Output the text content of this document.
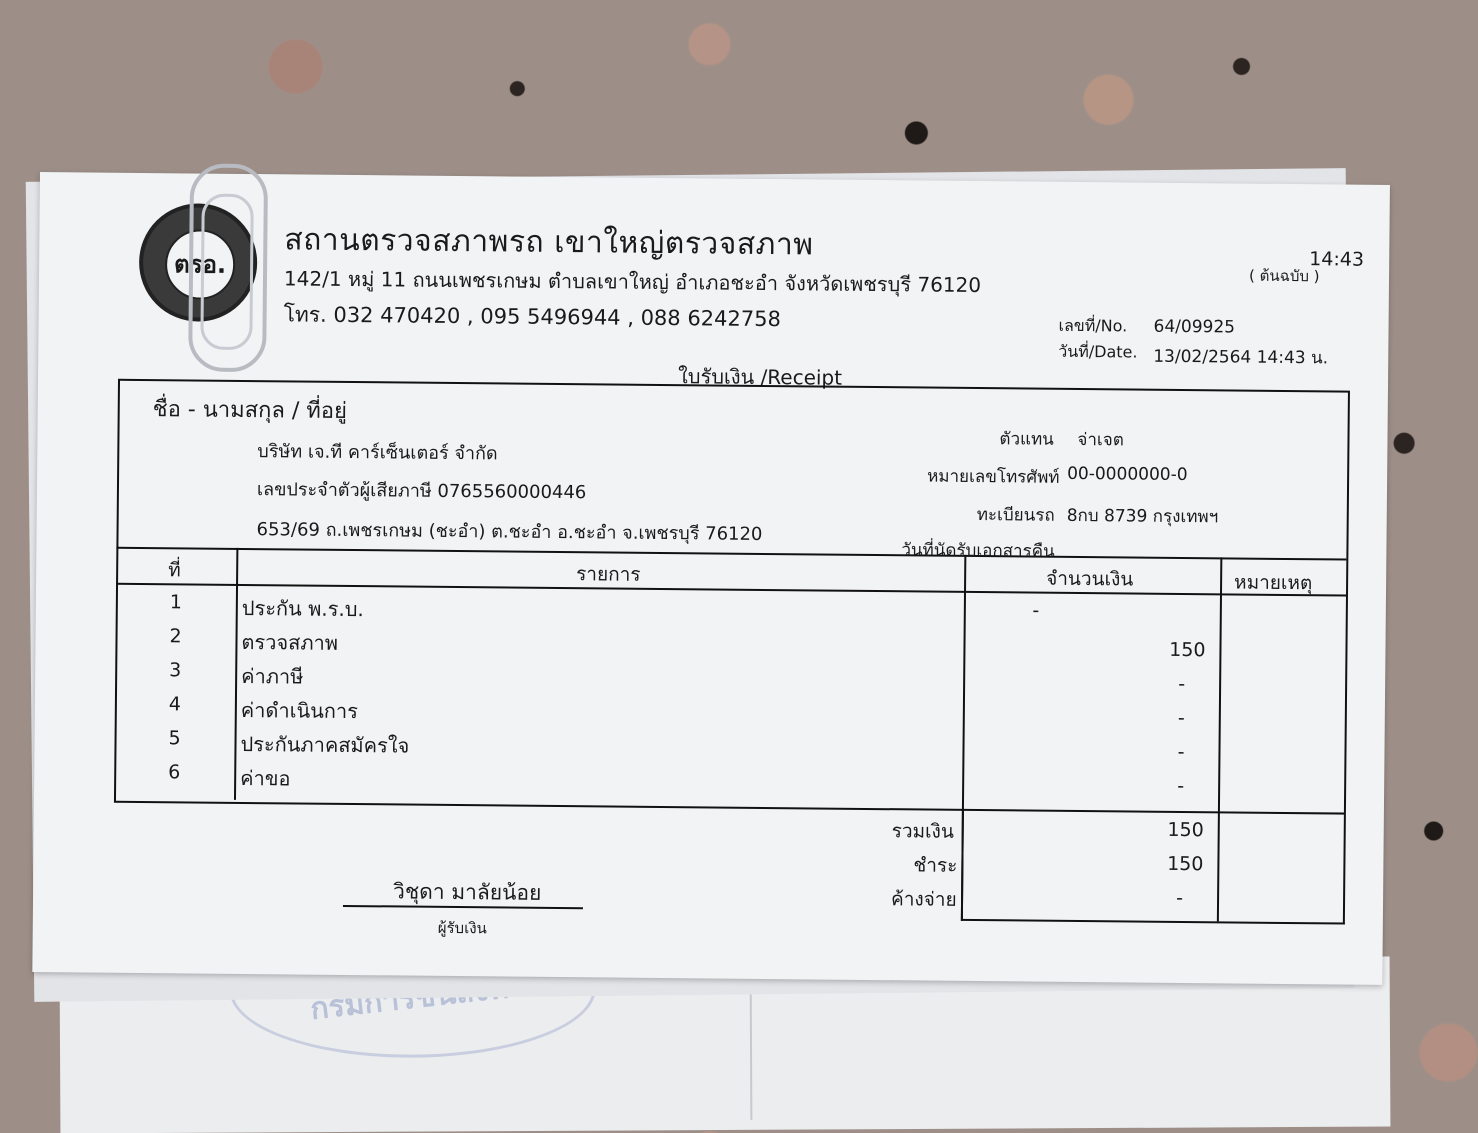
ตรอ.
สถานตรวจสภาพรถ เขาใหญ่ตรวจสภาพ
142/1 หมู่ 11 ถนนเพชรเกษม ตำบลเขาใหญ่ อำเภอชะอำ จังหวัดเพชรบุรี 76120
โทร. 032 470420 , 095 5496944 , 088 6242758
( ต้นฉบับ )
14:43
เลขที่/No. 64/09925
วันที่/Date. 13/02/2564 14:43 น.
ใบรับเงิน /Receipt
ชื่อ - นามสกุล / ที่อยู่
บริษัท เจ.ที คาร์เซ็นเตอร์ จำกัด
เลขประจำตัวผู้เสียภาษี 0765560000446
653/69 ถ.เพชรเกษม (ชะอำ) ต.ชะอำ อ.ชะอำ จ.เพชรบุรี 76120
ตัวแทน จ่าเจต
หมายเลขโทรศัพท์ 00-0000000-0
ทะเบียนรถ 8กบ 8739 กรุงเทพฯ
วันที่นัดรับเอกสารคืน
ที่	รายการ	จำนวนเงิน	หมายเหตุ
1	ประกัน พ.ร.บ.	-
2	ตรวจสภาพ	150
3	ค่าภาษี	-
4	ค่าดำเนินการ	-
5	ประกันภาคสมัครใจ	-
6	ค่าขอ	-
รวมเงิน	150
ชำระ	150
ค้างจ่าย	-
วิชุดา มาลัยน้อย
ผู้รับเงิน
